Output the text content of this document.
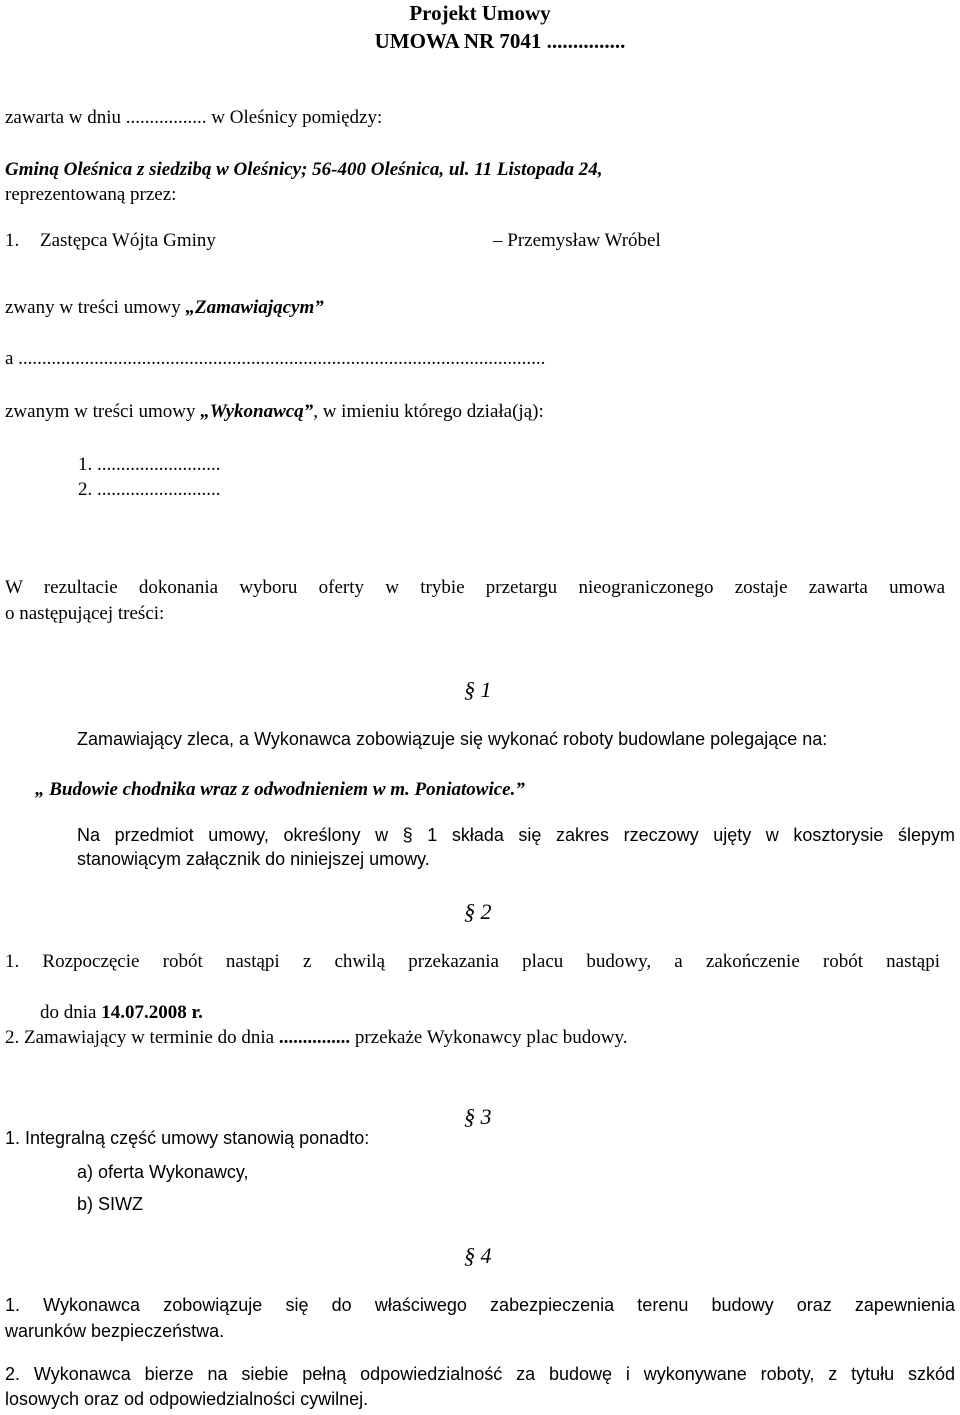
Projekt Umowy
UMOWA NR 7041 ...............
zawarta w dniu ................. w Oleśnicy pomiędzy:
Gminą Oleśnica z siedzibą w Oleśnicy; 56-400 Oleśnica, ul. 11 Listopada 24,
reprezentowaną przez:
1. Zastępca Wójta Gminy	– Przemysław Wróbel
zwany w treści umowy „Zamawiającym”
a ...............................................................................................................
zwanym w treści umowy „Wykonawcą”, w imieniu którego działa(ją):
1. ..........................
2. ..........................
W rezultacie dokonania wyboru oferty w trybie przetargu nieograniczonego zostaje zawarta umowa
o następującej treści:
§ 1
Zamawiający zleca, a Wykonawca zobowiązuje się wykonać roboty budowlane polegające na:
„ Budowie chodnika wraz z odwodnieniem w m. Poniatowice.”
Na przedmiot umowy, określony w § 1 składa się zakres rzeczowy ujęty w kosztorysie ślepym
stanowiącym załącznik do niniejszej umowy.
§ 2
1. Rozpoczęcie robót nastąpi z chwilą przekazania placu budowy, a zakończenie robót nastąpi
do dnia 14.07.2008 r.
2. Zamawiający w terminie do dnia ............... przekaże Wykonawcy plac budowy.
§ 3
1. Integralną część umowy stanowią ponadto:
a) oferta Wykonawcy,
b) SIWZ
§ 4
1. Wykonawca zobowiązuje się do właściwego zabezpieczenia terenu budowy oraz zapewnienia
warunków bezpieczeństwa.
2. Wykonawca bierze na siebie pełną odpowiedzialność za budowę i wykonywane roboty, z tytułu szkód
losowych oraz od odpowiedzialności cywilnej.
